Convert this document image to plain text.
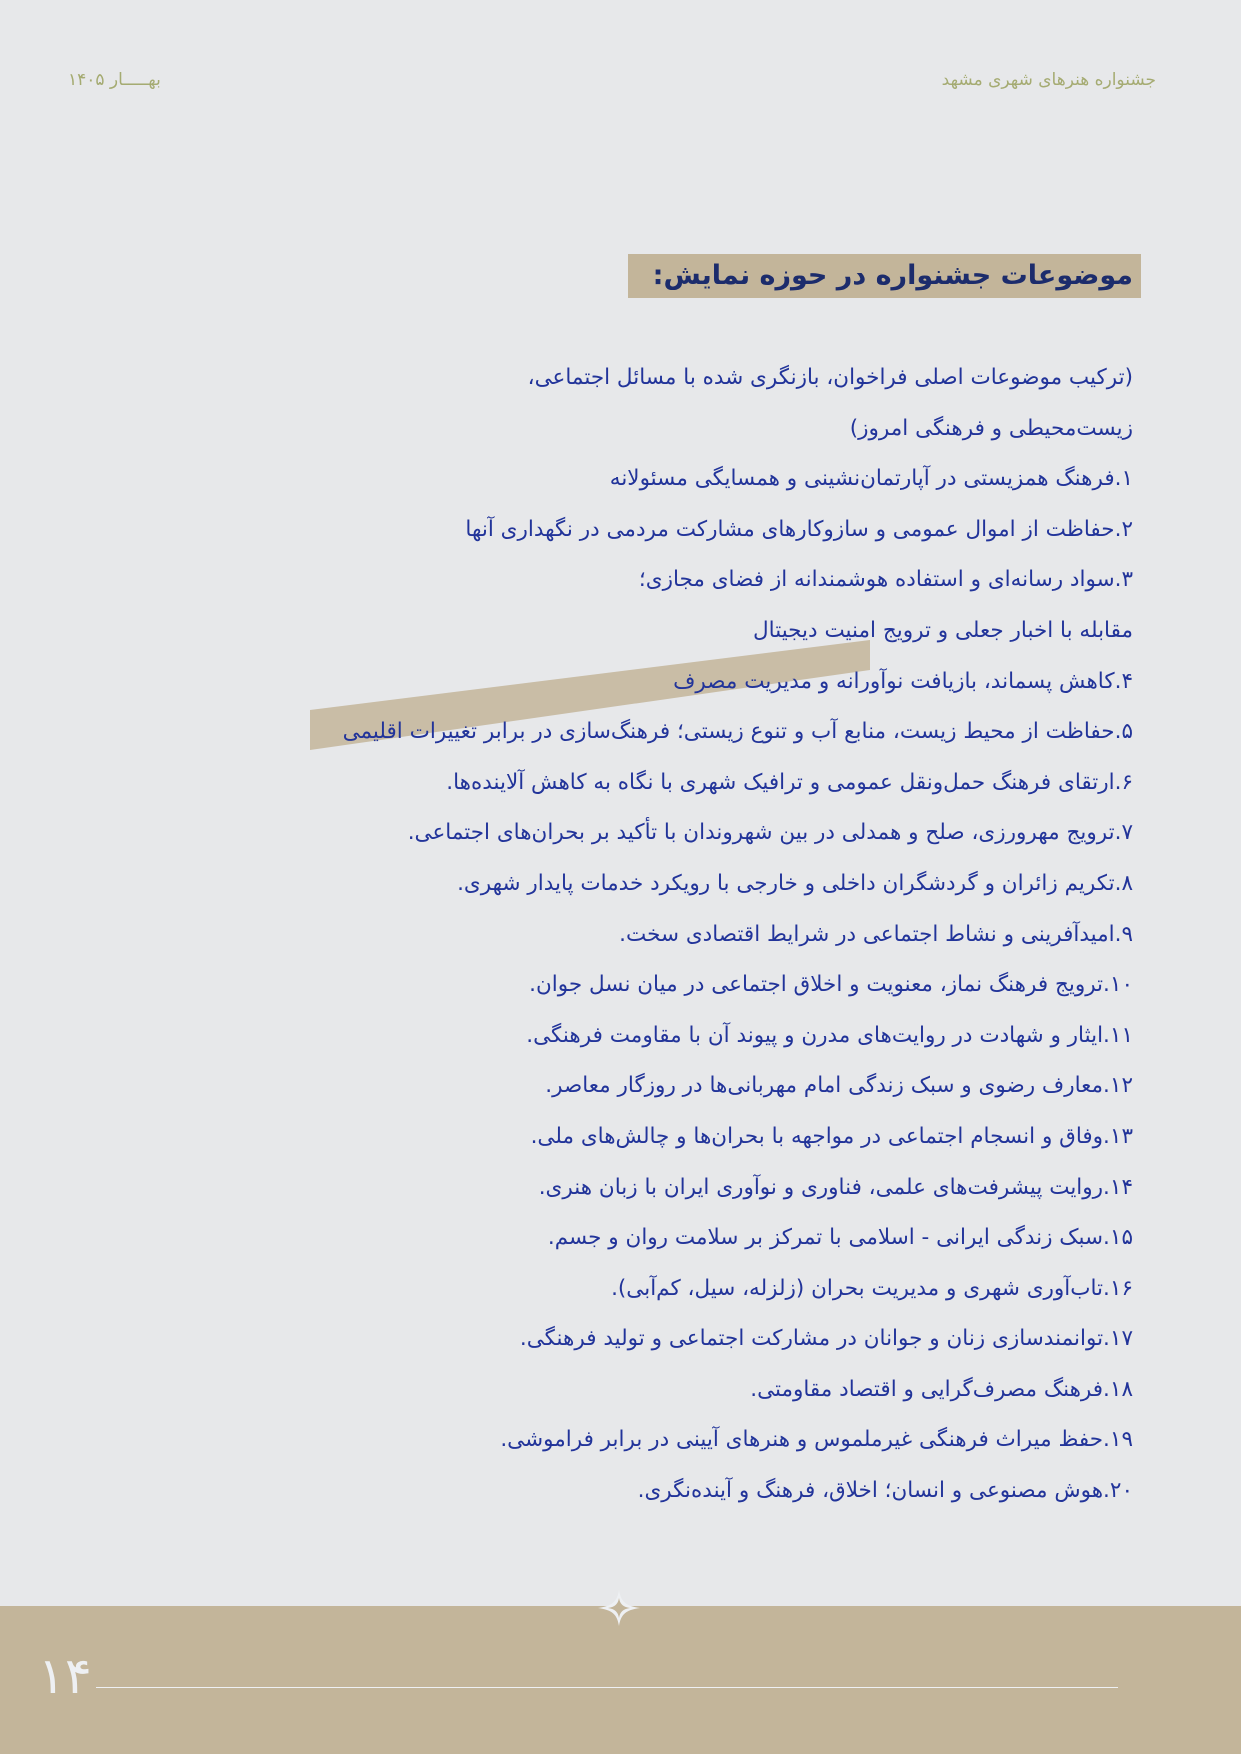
بهـــــار ۱۴۰۵	جشنواره هنرهای شهری مشهد
موضوعات جشنواره در حوزه نمایش:
(ترکیب موضوعات اصلی فراخوان، بازنگری شده با مسائل اجتماعی،
زیست‌محیطی و فرهنگی امروز)
۱.فرهنگ همزیستی در آپارتمان‌نشینی و همسایگی مسئولانه
۲.حفاظت از اموال عمومی و سازوکارهای مشارکت مردمی در نگهداری آنها
۳.سواد رسانه‌ای و استفاده هوشمندانه از فضای مجازی؛
مقابله با اخبار جعلی و ترویج امنیت دیجیتال
۴.کاهش پسماند، بازیافت نوآورانه و مدیریت مصرف
۵.حفاظت از محیط زیست، منابع آب و تنوع زیستی؛ فرهنگ‌سازی در برابر تغییرات اقلیمی
۶.ارتقای فرهنگ حمل‌ونقل عمومی و ترافیک شهری با نگاه به کاهش آلاینده‌ها.
۷.ترویج مهرورزی، صلح و همدلی در بین شهروندان با تأکید بر بحران‌های اجتماعی.
۸.تکریم زائران و گردشگران داخلی و خارجی با رویکرد خدمات پایدار شهری.
۹.امیدآفرینی و نشاط اجتماعی در شرایط اقتصادی سخت.
۱۰.ترویج فرهنگ نماز، معنویت و اخلاق اجتماعی در میان نسل جوان.
۱۱.ایثار و شهادت در روایت‌های مدرن و پیوند آن با مقاومت فرهنگی.
۱۲.معارف رضوی و سبک زندگی امام مهربانی‌ها در روزگار معاصر.
۱۳.وفاق و انسجام اجتماعی در مواجهه با بحران‌ها و چالش‌های ملی.
۱۴.روایت پیشرفت‌های علمی، فناوری و نوآوری ایران با زبان هنری.
۱۵.سبک زندگی ایرانی - اسلامی با تمرکز بر سلامت روان و جسم.
۱۶.تاب‌آوری شهری و مدیریت بحران (زلزله، سیل، کم‌آبی).
۱۷.توانمندسازی زنان و جوانان در مشارکت اجتماعی و تولید فرهنگی.
۱۸.فرهنگ مصرف‌گرایی و اقتصاد مقاومتی.
۱۹.حفظ میراث فرهنگی غیرملموس و هنرهای آیینی در برابر فراموشی.
۲۰.هوش مصنوعی و انسان؛ اخلاق، فرهنگ و آینده‌نگری.
۱۴
